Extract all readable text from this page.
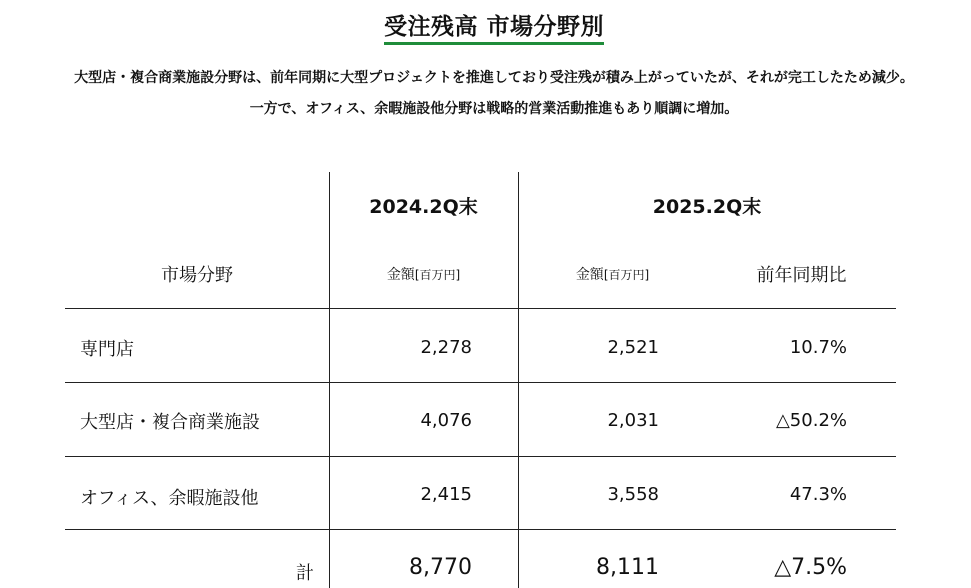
受注残高 市場分野別
大型店・複合商業施設分野は、前年同期に大型プロジェクトを推進しており受注残が積み上がっていたが、それが完工したため減少。
一方で、オフィス、余暇施設他分野は戦略的営業活動推進もあり順調に増加。
2024.2Q末	2025.2Q末
市場分野	金額[百万円]	金額[百万円]	前年同期比
専門店	2,278	2,521	10.7%
大型店・複合商業施設	4,076	2,031	△50.2%
オフィス、余暇施設他	2,415	3,558	47.3%
計	8,770	8,111	△7.5%
